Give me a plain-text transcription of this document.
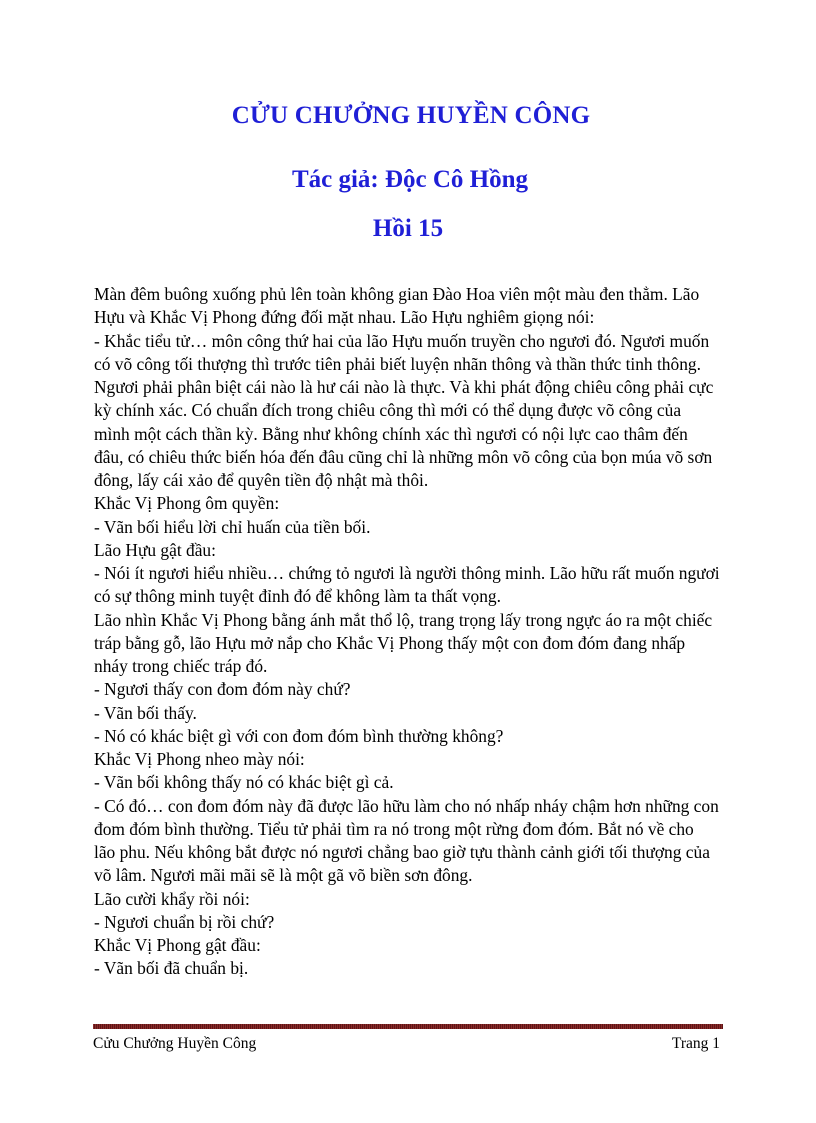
CỬU CHƯỞNG HUYỀN CÔNG
Tác giả: Độc Cô Hồng
Hồi 15
Màn đêm buông xuống phủ lên toàn không gian Đào Hoa viên một màu đen thẳm. Lão
Hựu và Khắc Vị Phong đứng đối mặt nhau. Lão Hựu nghiêm giọng nói:
- Khắc tiểu tử… môn công thứ hai của lão Hựu muốn truyền cho ngươi đó. Ngươi muốn
có võ công tối thượng thì trước tiên phải biết luyện nhãn thông và thần thức tinh thông.
Ngươi phải phân biệt cái nào là hư cái nào là thực. Và khi phát động chiêu công phải cực
kỳ chính xác. Có chuẩn đích trong chiêu công thì mới có thể dụng được võ công của
mình một cách thần kỳ. Bằng như không chính xác thì ngươi có nội lực cao thâm đến
đâu, có chiêu thức biến hóa đến đâu cũng chỉ là những môn võ công của bọn múa võ sơn
đông, lấy cái xảo để quyên tiền độ nhật mà thôi.
Khắc Vị Phong ôm quyền:
- Vãn bối hiểu lời chỉ huấn của tiền bối.
Lão Hựu gật đầu:
- Nói ít ngươi hiểu nhiều… chứng tỏ ngươi là người thông minh. Lão hữu rất muốn ngươi
có sự thông minh tuyệt đỉnh đó để không làm ta thất vọng.
Lão nhìn Khắc Vị Phong bằng ánh mắt thổ lộ, trang trọng lấy trong ngực áo ra một chiếc
tráp bằng gỗ, lão Hựu mở nắp cho Khắc Vị Phong thấy một con đom đóm đang nhấp
nháy trong chiếc tráp đó.
- Ngươi thấy con đom đóm này chứ?
- Vãn bối thấy.
- Nó có khác biệt gì với con đom đóm bình thường không?
Khắc Vị Phong nheo mày nói:
- Vãn bối không thấy nó có khác biệt gì cả.
- Có đó… con đom đóm này đã được lão hữu làm cho nó nhấp nháy chậm hơn những con
đom đóm bình thường. Tiểu tử phải tìm ra nó trong một rừng đom đóm. Bắt nó về cho
lão phu. Nếu không bắt được nó ngươi chẳng bao giờ tựu thành cảnh giới tối thượng của
võ lâm. Ngươi mãi mãi sẽ là một gã võ biền sơn đông.
Lão cười khẩy rồi nói:
- Ngươi chuẩn bị rồi chứ?
Khắc Vị Phong gật đầu:
- Vãn bối đã chuẩn bị.
Cửu Chưởng Huyền Công	Trang 1
